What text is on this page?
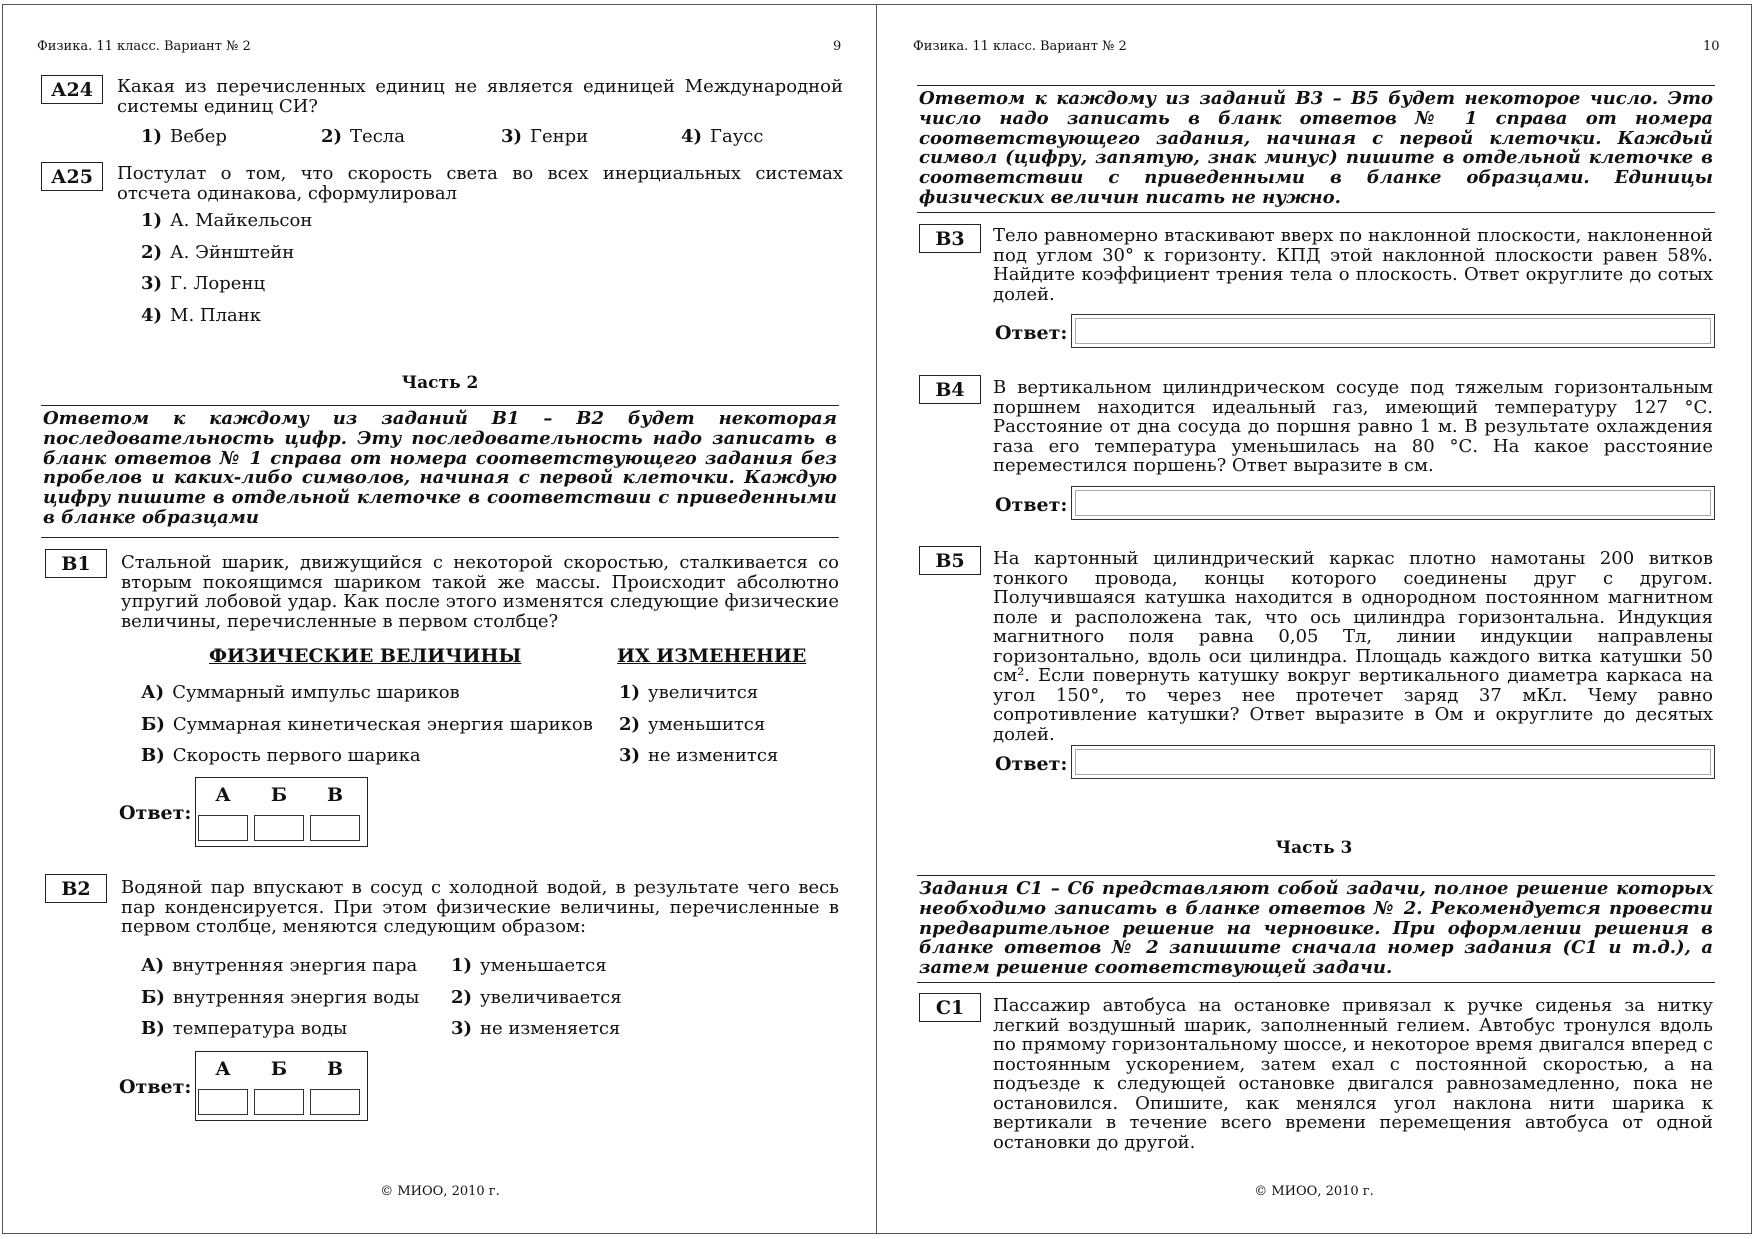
Физика. 11 класс. Вариант № 2	9
А24	Какая из перечисленных единиц не является единицей Международной системы единиц СИ?
1) Вебер	2) Тесла	3) Генри	4) Гаусс
А25	Постулат о том, что скорость света во всех инерциальных системах отсчета одинакова, сформулировал
1) А. Майкельсон
2) А. Эйнштейн
3) Г. Лоренц
4) М. Планк
Часть 2
Ответом к каждому из заданий В1 – В2 будет некоторая последовательность цифр. Эту последовательность надо записать в бланк ответов № 1 справа от номера соответствующего задания без пробелов и каких-либо символов, начиная с первой клеточки. Каждую цифру пишите в отдельной клеточке в соответствии с приведенными в бланке образцами
В1	Стальной шарик, движущийся с некоторой скоростью, сталкивается со вторым покоящимся шариком такой же массы. Происходит абсолютно упругий лобовой удар. Как после этого изменятся следующие физические величины, перечисленные в первом столбце?
ФИЗИЧЕСКИЕ ВЕЛИЧИНЫ	ИХ ИЗМЕНЕНИЕ
А) Суммарный импульс шариков	1) увеличится
Б) Суммарная кинетическая энергия шариков 2) уменьшится
В) Скорость первого шарика	3) не изменится
Ответ:
А	Б	В
В2	Водяной пар впускают в сосуд с холодной водой, в результате чего весь пар конденсируется. При этом физические величины, перечисленные в первом столбце, меняются следующим образом:
А) внутренняя энергия пара 1) уменьшается
Б) внутренняя энергия воды 2) увеличивается
В) температура воды	3) не изменяется
Ответ:
А	Б	В
© МИОО, 2010 г.
Физика. 11 класс. Вариант № 2	10
Ответом к каждому из заданий В3 – В5 будет некоторое число. Это число надо записать в бланк ответов № 1 справа от номера соответствующего задания, начиная с первой клеточки. Каждый символ (цифру, запятую, знак минус) пишите в отдельной клеточке в соответствии с приведенными в бланке образцами. Единицы физических величин писать не нужно.
В3	Тело равномерно втаскивают вверх по наклонной плоскости, наклоненной под углом 30° к горизонту. КПД этой наклонной плоскости равен 58%. Найдите коэффициент трения тела о плоскость. Ответ округлите до сотых долей.
Ответ:
В4	В вертикальном цилиндрическом сосуде под тяжелым горизонтальным поршнем находится идеальный газ, имеющий температуру 127 °С. Расстояние от дна сосуда до поршня равно 1 м. В результате охлаждения газа его температура уменьшилась на 80 °С. На какое расстояние переместился поршень? Ответ выразите в см.
Ответ:
В5	На картонный цилиндрический каркас плотно намотаны 200 витков тонкого провода, концы которого соединены друг с другом. Получившаяся катушка находится в однородном постоянном магнитном поле и расположена так, что ось цилиндра горизонтальна. Индукция магнитного поля равна 0,05 Тл, линии индукции направлены горизонтально, вдоль оси цилиндра. Площадь каждого витка катушки 50 см². Если повернуть катушку вокруг вертикального диаметра каркаса на угол 150°, то через нее протечет заряд 37 мКл. Чему равно сопротивление катушки? Ответ выразите в Ом и округлите до десятых долей.
Ответ:
Часть 3
Задания С1 – С6 представляют собой задачи, полное решение которых необходимо записать в бланке ответов № 2. Рекомендуется провести предварительное решение на черновике. При оформлении решения в бланке ответов № 2 запишите сначала номер задания (С1 и т.д.), а затем решение соответствующей задачи.
С1	Пассажир автобуса на остановке привязал к ручке сиденья за нитку легкий воздушный шарик, заполненный гелием. Автобус тронулся вдоль по прямому горизонтальному шоссе, и некоторое время двигался вперед с постоянным ускорением, затем ехал с постоянной скоростью, а на подъезде к следующей остановке двигался равнозамедленно, пока не остановился. Опишите, как менялся угол наклона нити шарика к вертикали в течение всего времени перемещения автобуса от одной остановки до другой.
© МИОО, 2010 г.
